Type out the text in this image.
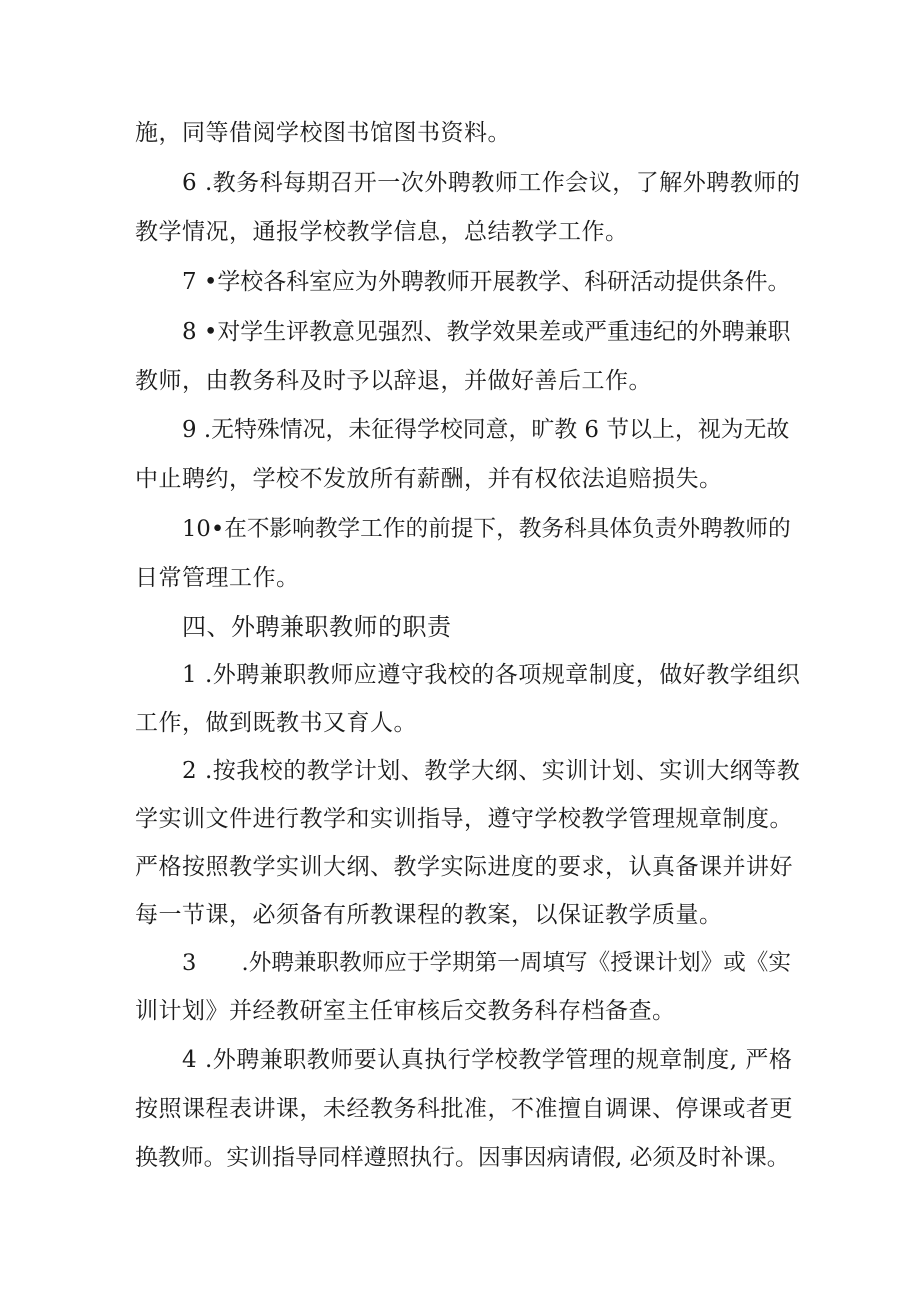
施，同等借阅学校图书馆图书资料。
6 .教务科每期召开一次外聘教师工作会议，了解外聘教师的
教学情况，通报学校教学信息，总结教学工作。
7 •学校各科室应为外聘教师开展教学、科研活动提供条件。
8 •对学生评教意见强烈、教学效果差或严重违纪的外聘兼职
教师，由教务科及时予以辞退，并做好善后工作。
9 .无特殊情况，未征得学校同意，旷教 6 节以上，视为无故
中止聘约，学校不发放所有薪酬，并有权依法追赔损失。
10•在不影响教学工作的前提下，教务科具体负责外聘教师的
日常管理工作。
四、外聘兼职教师的职责
1 .外聘兼职教师应遵守我校的各项规章制度，做好教学组织
工作，做到既教书又育人。
2 .按我校的教学计划、教学大纲、实训计划、实训大纲等教
学实训文件进行教学和实训指导，遵守学校教学管理规章制度。
严格按照教学实训大纲、教学实际进度的要求，认真备课并讲好
每一节课，必须备有所教课程的教案，以保证教学质量。
3  .外聘兼职教师应于学期第一周填写《授课计划》或《实
训计划》并经教研室主任审核后交教务科存档备查。
4 .外聘兼职教师要认真执行学校教学管理的规章制度, 严格
按照课程表讲课，未经教务科批准，不准擅自调课、停课或者更
换教师。实训指导同样遵照执行。因事因病请假, 必须及时补课。
